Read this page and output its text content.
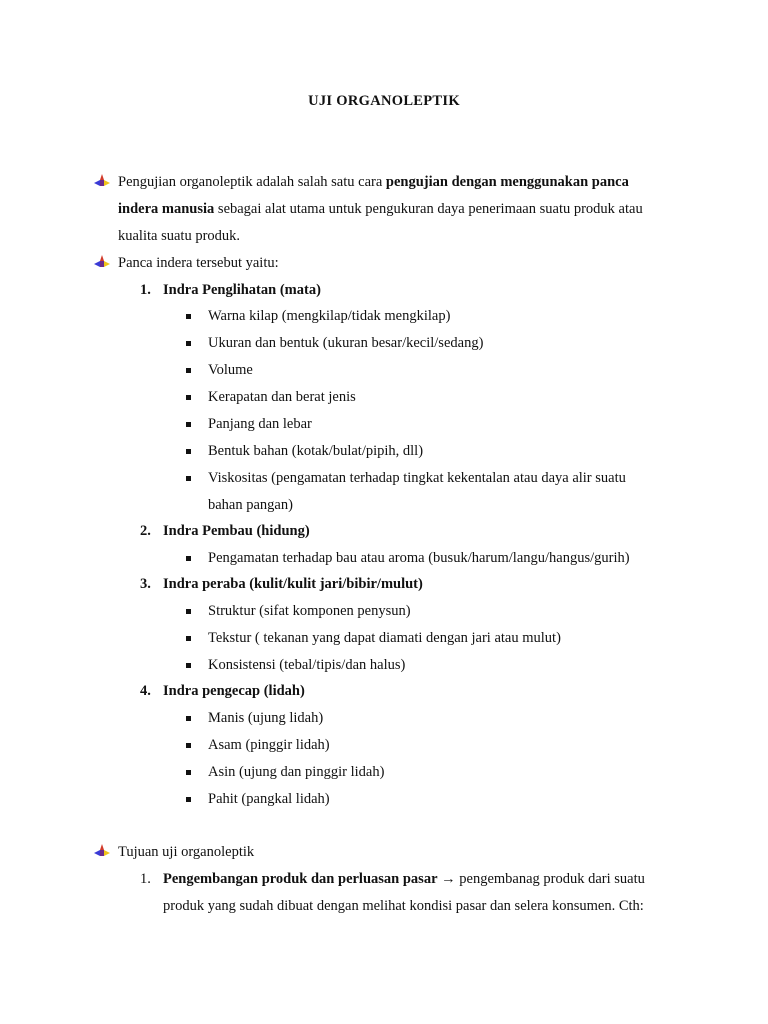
UJI ORGANOLEPTIK
Pengujian organoleptik adalah salah satu cara pengujian dengan menggunakan panca
indera manusia sebagai alat utama untuk pengukuran daya penerimaan suatu produk atau
kualita suatu produk.
Panca indera tersebut yaitu:
1. Indra Penglihatan (mata)
Warna kilap (mengkilap/tidak mengkilap)
Ukuran dan bentuk (ukuran besar/kecil/sedang)
Volume
Kerapatan dan berat jenis
Panjang dan lebar
Bentuk bahan (kotak/bulat/pipih, dll)
Viskositas (pengamatan terhadap tingkat kekentalan atau daya alir suatu
bahan pangan)
2. Indra Pembau (hidung)
Pengamatan terhadap bau atau aroma (busuk/harum/langu/hangus/gurih)
3. Indra peraba (kulit/kulit jari/bibir/mulut)
Struktur (sifat komponen penysun)
Tekstur ( tekanan yang dapat diamati dengan jari atau mulut)
Konsistensi (tebal/tipis/dan halus)
4. Indra pengecap (lidah)
Manis (ujung lidah)
Asam (pinggir lidah)
Asin (ujung dan pinggir lidah)
Pahit (pangkal lidah)
Tujuan uji organoleptik
1. Pengembangan produk dan perluasan pasar → pengembanag produk dari suatu
produk yang sudah dibuat dengan melihat kondisi pasar dan selera konsumen. Cth:
